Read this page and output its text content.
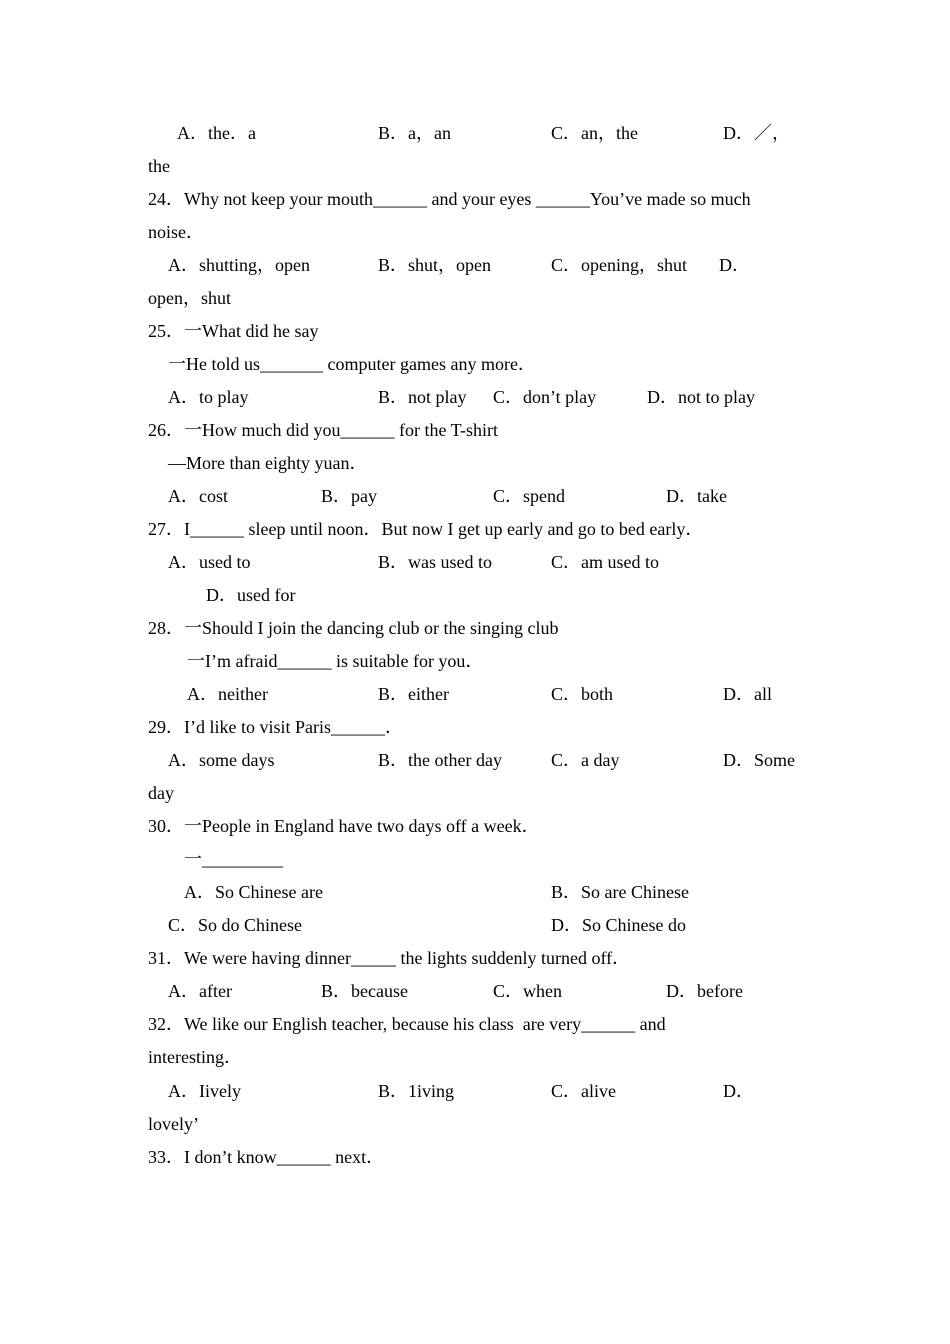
A．the．a	B．a，an	C．an，the	D．／，
the
24．Why not keep your mouth______ and your eyes ______You’ve made so much
noise．
A．shutting，open	B．shut，open	C．opening，shut D．
open，shut
25．一What did he say
一He told us_______ computer games any more．
A．to play	B．not play C．don’t play	D．not to play
26．一How much did you______ for the T-shirt
—More than eighty yuan．
A．cost	B．pay	C．spend	D．take
27．I______ sleep until noon．But now I get up early and go to bed early．
A．used to	B．was used to	C．am used to
D．used for
28．一Should I join the dancing club or the singing club
一I’m afraid______ is suitable for you．
A．neither	B．either	C．both	D．all
29．I’d like to visit Paris______．
A．some days	B．the other day	C．a day	D．Some
day
30．一People in England have two days off a week．
一_________
A．So Chinese are	B．So are Chinese
C．So do Chinese	D．So Chinese do
31．We were having dinner_____ the lights suddenly turned off．
A．after	B．because	C．when	D．before
32．We like our English teacher, because his class  are very______ and
interesting．
A．Iively	B．1iving	C．alive	D．
lovely’
33．I don’t know______ next．
